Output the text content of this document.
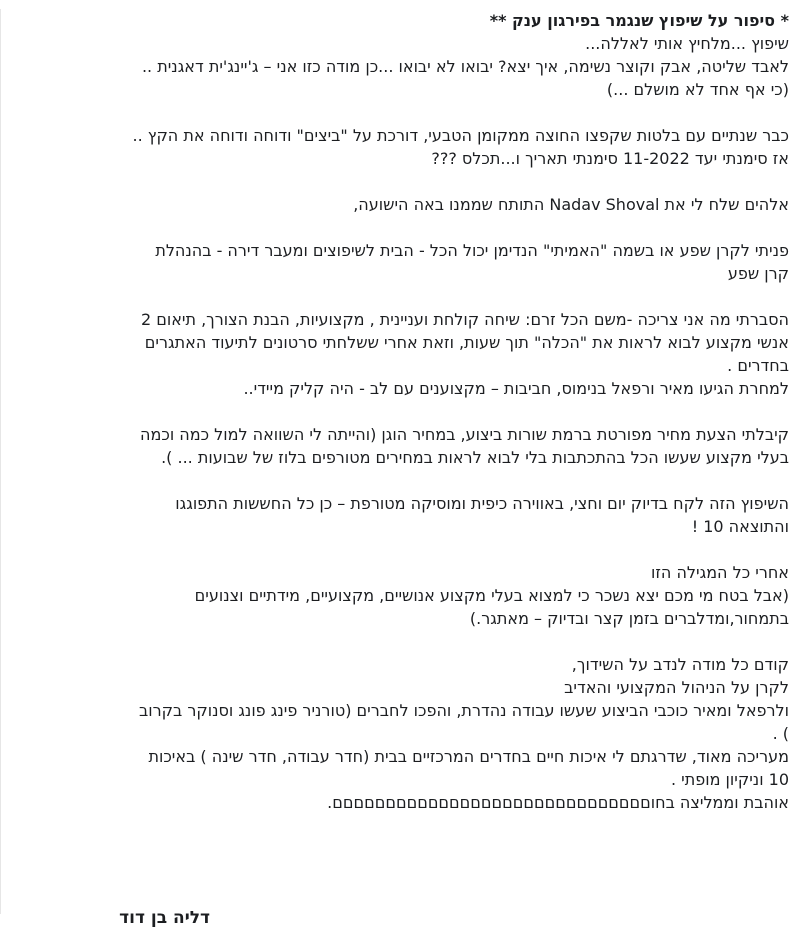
* סיפור על שיפוץ שנגמר בפירגון ענק **
שיפוץ ...מלחיץ אותי לאללה...
לאבד שליטה, אבק וקוצר נשימה, איך יצא? יבואו לא יבואו ...כן מודה כזו אני – ג'יינג'ית דאגנית ..
(כי אף אחד לא מושלם ...)
כבר שנתיים עם בלטות שקפצו החוצה ממקומן הטבעי, דורכת על "ביצים" ודוחה ודוחה את הקץ ..
אז סימנתי יעד 11-2022 סימנתי תאריך ו...תכלס ???
אלהים שלח לי את Nadav Shoval התותח שממנו באה הישועה,
פניתי לקרן שפע או בשמה "האמיתי" הנדימן יכול הכל - הבית לשיפוצים ומעבר דירה - בהנהלת
קרן שפע
הסברתי מה אני צריכה -משם הכל זרם: שיחה קולחת ועניינית , מקצועיות, הבנת הצורך, תיאום 2
אנשי מקצוע לבוא לראות את "הכלה" תוך שעות, וזאת אחרי ששלחתי סרטונים לתיעוד האתגרים
בחדרים .
למחרת הגיעו מאיר ורפאל בנימוס, חביבות – מקצוענים עם לב - היה קליק מיידי..
קיבלתי הצעת מחיר מפורטת ברמת שורות ביצוע, במחיר הוגן (והייתה לי השוואה למול כמה וכמה
בעלי מקצוע שעשו הכל בהתכתבות בלי לבוא לראות במחירים מטורפים בלוז של שבועות ... ).
השיפוץ הזה לקח בדיוק יום וחצי, באווירה כיפית ומוסיקה מטורפת – כן כל החששות התפוגגו
והתוצאה 10 !
אחרי כל המגילה הזו
(אבל בטח מי מכם יצא נשכר כי למצוא בעלי מקצוע אנושיים, מקצועיים, מידתיים וצנועים
בתמחור,ומדלברים בזמן קצר ובדיוק – מאתגר.)
קודם כל מודה לנדב על השידוך,
לקרן על הניהול המקצועי והאדיב
ולרפאל ומאיר כוכבי הביצוע שעשו עבודה נהדרת, והפכו לחברים (טורניר פינג פונג וסנוקר בקרוב
) .
מעריכה מאוד, שדרגתם לי איכות חיים בחדרים המרכזיים בבית (חדר עבודה, חדר שינה ) באיכות
10 וניקיון מופתי .
אוהבת וממליצה בחוםםםםםםםםםםםםםםםםםםםםםםםםםםםםםם.
דליה בן דוד
